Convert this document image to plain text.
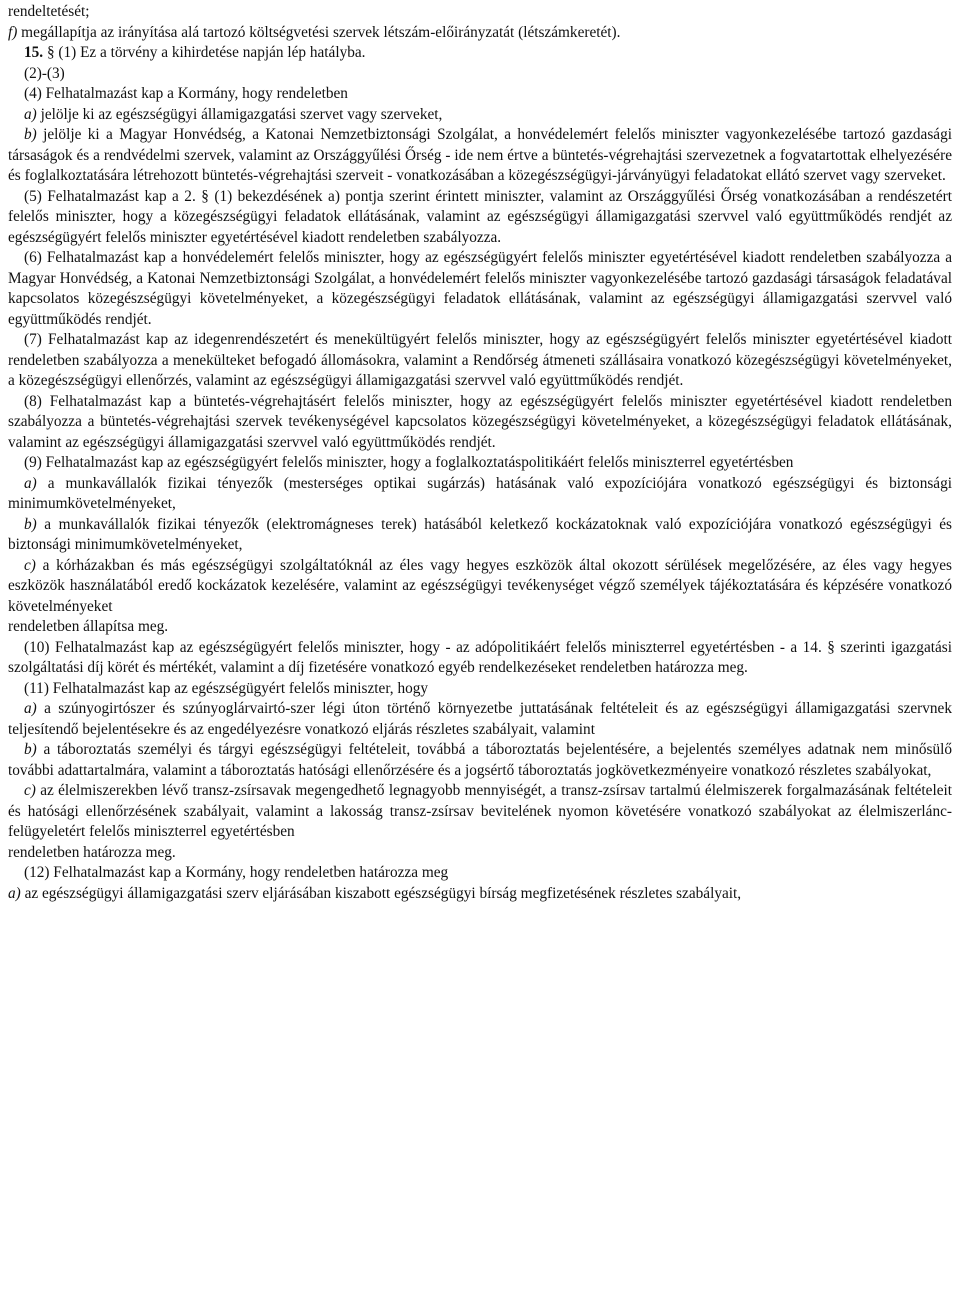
rendeltetését;

f) megállapítja az irányítása alá tartozó költségvetési szervek létszám-előirányzatát (létszámkeretét).

15. § (1) Ez a törvény a kihirdetése napján lép hatályba.

(2)-(3)

(4) Felhatalmazást kap a Kormány, hogy rendeletben

a) jelölje ki az egészségügyi államigazgatási szervet vagy szerveket,

b) jelölje ki a Magyar Honvédség, a Katonai Nemzetbiztonsági Szolgálat, a honvédelemért felelős miniszter vagyonkezelésébe tartozó gazdasági társaságok és a rendvédelmi szervek, valamint az Országgyűlési Őrség - ide nem értve a büntetés-végrehajtási szervezetnek a fogvatartottak elhelyezésére és foglalkoztatására létrehozott büntetés-végrehajtási szerveit - vonatkozásában a közegészségügyi-járványügyi feladatokat ellátó szervet vagy szerveket.

(5) Felhatalmazást kap a 2. § (1) bekezdésének a) pontja szerint érintett miniszter, valamint az Országgyűlési Őrség vonatkozásában a rendészetért felelős miniszter, hogy a közegészségügyi feladatok ellátásának, valamint az egészségügyi államigazgatási szervvel való együttműködés rendjét az egészségügyért felelős miniszter egyetértésével kiadott rendeletben szabályozza.

(6) Felhatalmazást kap a honvédelemért felelős miniszter, hogy az egészségügyért felelős miniszter egyetértésével kiadott rendeletben szabályozza a Magyar Honvédség, a Katonai Nemzetbiztonsági Szolgálat, a honvédelemért felelős miniszter vagyonkezelésébe tartozó gazdasági társaságok feladatával kapcsolatos közegészségügyi követelményeket, a közegészségügyi feladatok ellátásának, valamint az egészségügyi államigazgatási szervvel való együttműködés rendjét.

(7) Felhatalmazást kap az idegenrendészetért és menekültügyért felelős miniszter, hogy az egészségügyért felelős miniszter egyetértésével kiadott rendeletben szabályozza a menekülteket befogadó állomásokra, valamint a Rendőrség átmeneti szállásaira vonatkozó közegészségügyi követelményeket, a közegészségügyi ellenőrzés, valamint az egészségügyi államigazgatási szervvel való együttműködés rendjét.

(8) Felhatalmazást kap a büntetés-végrehajtásért felelős miniszter, hogy az egészségügyért felelős miniszter egyetértésével kiadott rendeletben szabályozza a büntetés-végrehajtási szervek tevékenységével kapcsolatos közegészségügyi követelményeket, a közegészségügyi feladatok ellátásának, valamint az egészségügyi államigazgatási szervvel való együttműködés rendjét.

(9) Felhatalmazást kap az egészségügyért felelős miniszter, hogy a foglalkoztatáspolitikáért felelős miniszterrel egyetértésben

a) a munkavállalók fizikai tényezők (mesterséges optikai sugárzás) hatásának való expozíciójára vonatkozó egészségügyi és biztonsági minimumkövetelményeket,

b) a munkavállalók fizikai tényezők (elektromágneses terek) hatásából keletkező kockázatoknak való expozíciójára vonatkozó egészségügyi és biztonsági minimumkövetelményeket,

c) a kórházakban és más egészségügyi szolgáltatóknál az éles vagy hegyes eszközök által okozott sérülések megelőzésére, az éles vagy hegyes eszközök használatából eredő kockázatok kezelésére, valamint az egészségügyi tevékenységet végző személyek tájékoztatására és képzésére vonatkozó követelményeket

rendeletben állapítsa meg.

(10) Felhatalmazást kap az egészségügyért felelős miniszter, hogy - az adópolitikáért felelős miniszterrel egyetértésben - a 14. § szerinti igazgatási szolgáltatási díj körét és mértékét, valamint a díj fizetésére vonatkozó egyéb rendelkezéseket rendeletben határozza meg.

(11) Felhatalmazást kap az egészségügyért felelős miniszter, hogy

a) a szúnyogirtószer és szúnyoglárvairtó-szer légi úton történő környezetbe juttatásának feltételeit és az egészségügyi államigazgatási szervnek teljesítendő bejelentésekre és az engedélyezésre vonatkozó eljárás részletes szabályait, valamint

b) a táboroztatás személyi és tárgyi egészségügyi feltételeit, továbbá a táboroztatás bejelentésére, a bejelentés személyes adatnak nem minősülő további adattartalmára, valamint a táboroztatás hatósági ellenőrzésére és a jogsértő táboroztatás jogkövetkezményeire vonatkozó részletes szabályokat,

c) az élelmiszerekben lévő transz-zsírsavak megengedhető legnagyobb mennyiségét, a transz-zsírsav tartalmú élelmiszerek forgalmazásának feltételeit és hatósági ellenőrzésének szabályait, valamint a lakosság transz-zsírsav bevitelének nyomon követésére vonatkozó szabályokat az élelmiszerlánc-felügyeletért felelős miniszterrel egyetértésben

rendeletben határozza meg.

(12) Felhatalmazást kap a Kormány, hogy rendeletben határozza meg

a) az egészségügyi államigazgatási szerv eljárásában kiszabott egészségügyi bírság megfizetésének részletes szabályait,
